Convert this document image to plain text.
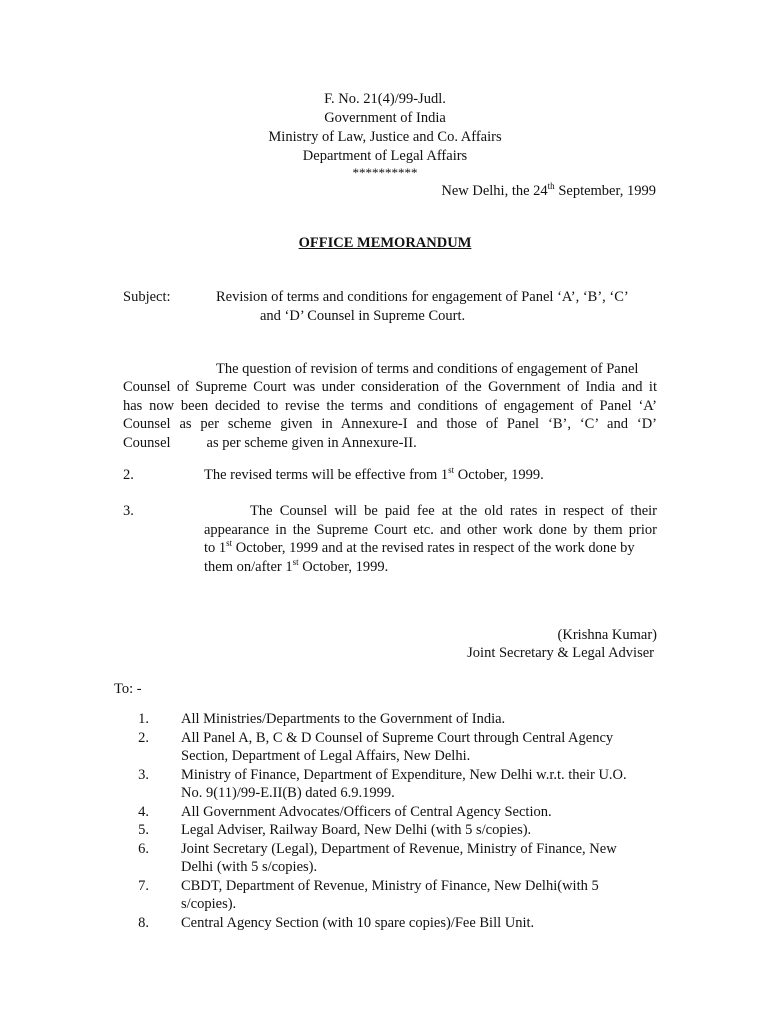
F. No. 21(4)/99-Judl.
Government of India
Ministry of Law, Justice and Co. Affairs
Department of Legal Affairs
**********
New Delhi, the 24th September, 1999
OFFICE MEMORANDUM
Subject:	Revision of terms and conditions for engagement of Panel ‘A’, ‘B’, ‘C’
and ‘D’ Counsel in Supreme Court.
The question of revision of terms and conditions of engagement of Panel
Counsel of Supreme Court was under consideration of the Government of India and it
has now been decided to revise the terms and conditions of engagement of Panel ‘A’
Counsel as per scheme given in Annexure-I and those of Panel ‘B’, ‘C’ and ‘D’
Counsel as per scheme given in Annexure-II.
2.	The revised terms will be effective from 1st October, 1999.
3.	The Counsel will be paid fee at the old rates in respect of their
appearance in the Supreme Court etc. and other work done by them prior
to 1st October, 1999 and at the revised rates in respect of the work done by
them on/after 1st October, 1999.
(Krishna Kumar)
Joint Secretary & Legal Adviser
To: -
1. All Ministries/Departments to the Government of India.
2. All Panel A, B, C & D Counsel of Supreme Court through Central Agency Section, Department of Legal Affairs, New Delhi.
3. Ministry of Finance, Department of Expenditure, New Delhi w.r.t. their U.O. No. 9(11)/99-E.II(B) dated 6.9.1999.
4. All Government Advocates/Officers of Central Agency Section.
5. Legal Adviser, Railway Board, New Delhi (with 5 s/copies).
6. Joint Secretary (Legal), Department of Revenue, Ministry of Finance, New Delhi (with 5 s/copies).
7. CBDT, Department of Revenue, Ministry of Finance, New Delhi(with 5 s/copies).
8. Central Agency Section (with 10 spare copies)/Fee Bill Unit.
